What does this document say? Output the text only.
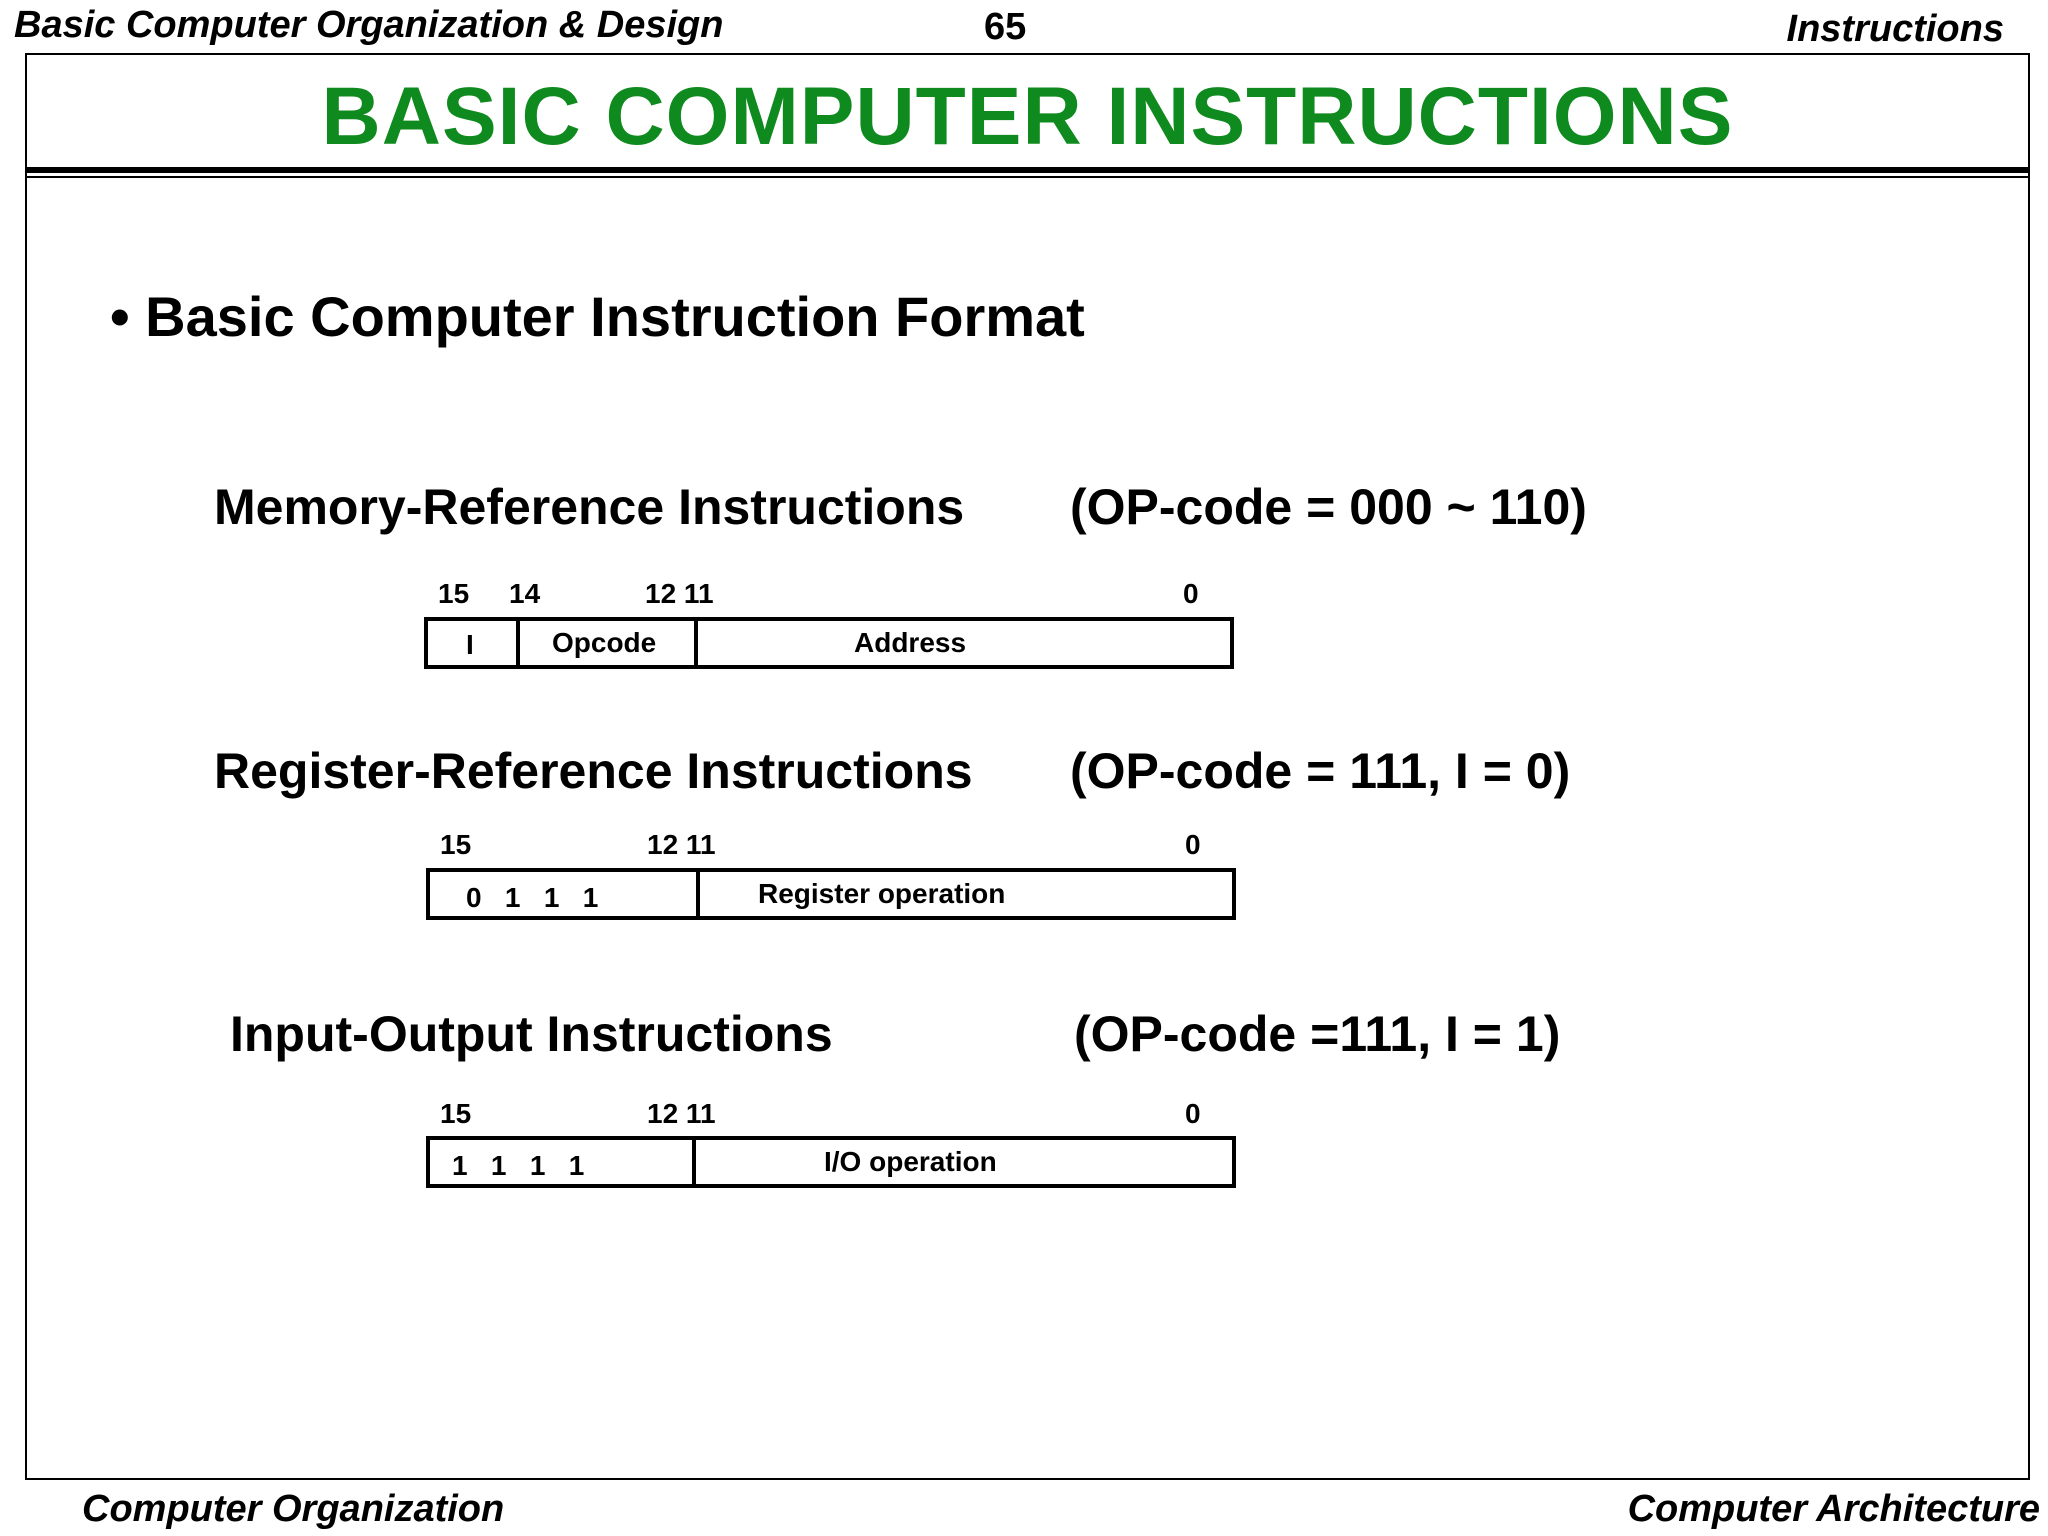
Basic Computer Organization & Design	65	Instructions
BASIC COMPUTER INSTRUCTIONS
• Basic Computer Instruction Format
Memory-Reference Instructions (OP-code = 000 ~ 110)
15 14	12 11	0
I	Opcode	Address
Register-Reference Instructions (OP-code = 111, I = 0)
15	12 11	0
0   1   1   1	Register operation
Input-Output Instructions	(OP-code =111, I = 1)
15	12 11	0
1   1   1   1	I/O operation
Computer Organization	Computer Architecture
